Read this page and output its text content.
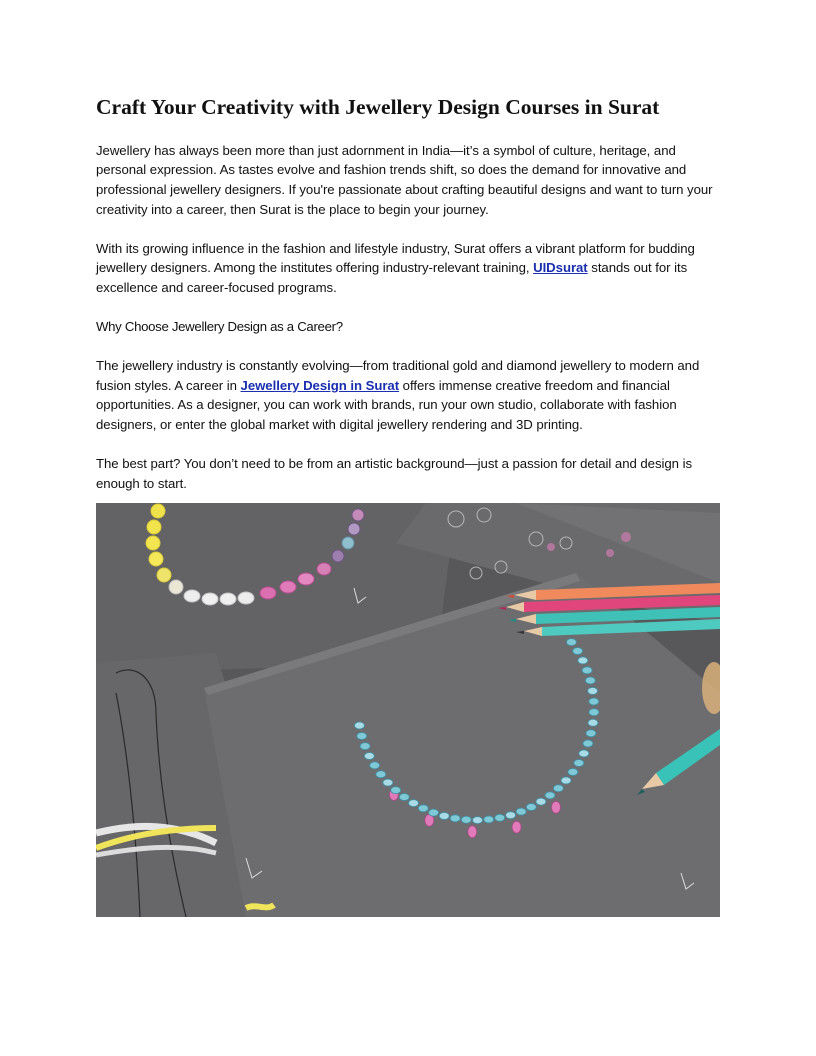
Craft Your Creativity with Jewellery Design Courses in Surat

Jewellery has always been more than just adornment in India—it’s a symbol of culture, heritage, and personal expression. As tastes evolve and fashion trends shift, so does the demand for innovative and professional jewellery designers. If you're passionate about crafting beautiful designs and want to turn your creativity into a career, then Surat is the place to begin your journey.

With its growing influence in the fashion and lifestyle industry, Surat offers a vibrant platform for budding jewellery designers. Among the institutes offering industry-relevant training, UIDsurat stands out for its excellence and career-focused programs.

Why Choose Jewellery Design as a Career?

The jewellery industry is constantly evolving—from traditional gold and diamond jewellery to modern and fusion styles. A career in Jewellery Design in Surat offers immense creative freedom and financial opportunities. As a designer, you can work with brands, run your own studio, collaborate with fashion designers, or enter the global market with digital jewellery rendering and 3D printing.

The best part? You don’t need to be from an artistic background—just a passion for detail and design is enough to start.
